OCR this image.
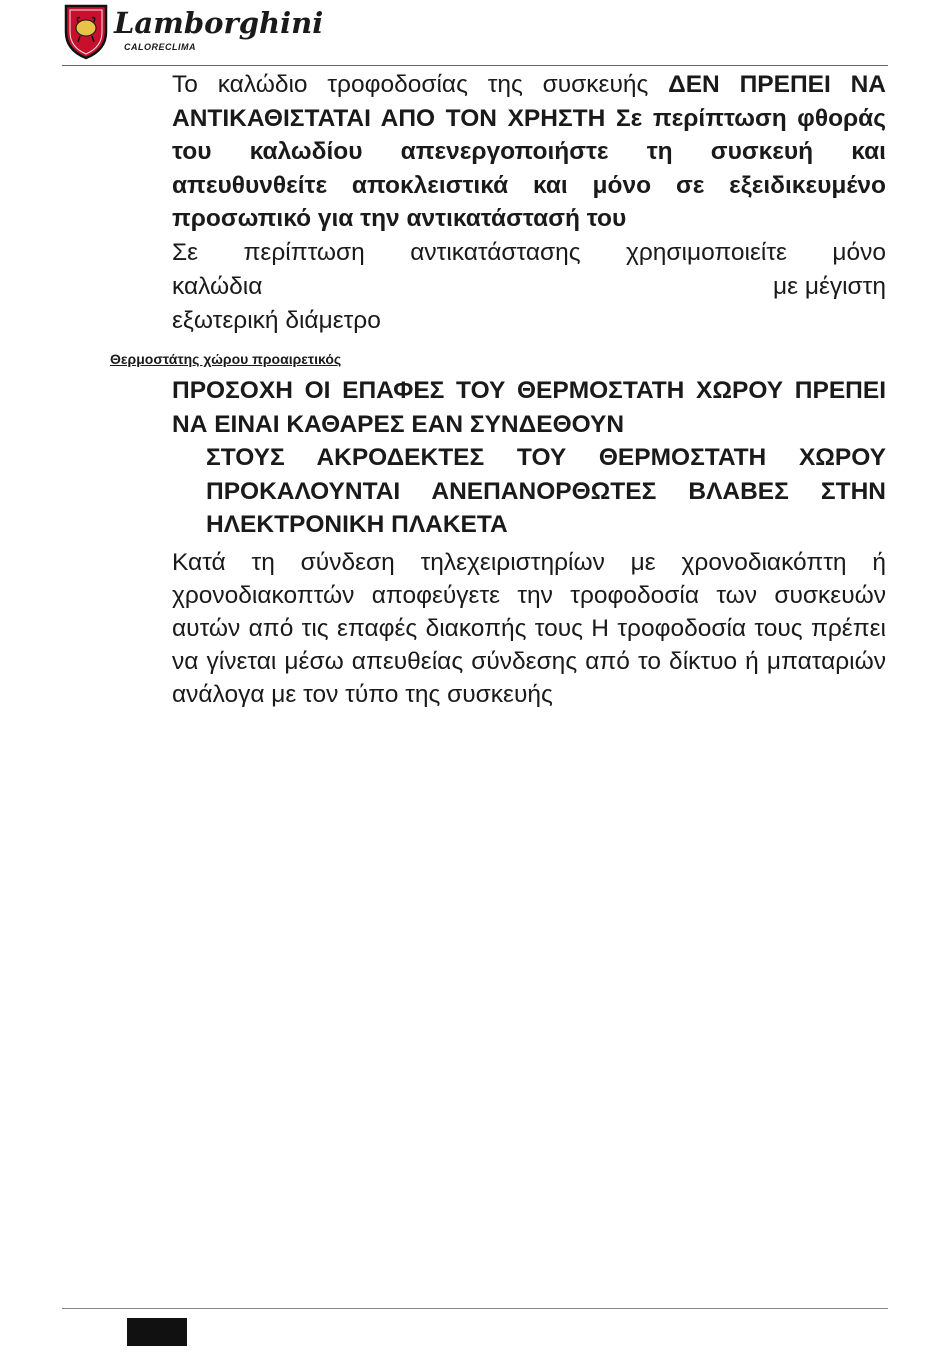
Lamborghini
CALORECLIMA
Το καλώδιο τροφοδοσίας της συσκευής ΔΕΝ ΠΡΕΠΕΙ ΝΑ ΑΝΤΙΚΑΘΙΣΤΑΤΑΙ ΑΠΟ ΤΟΝ ΧΡΗΣΤΗ Σε περίπτωση φθοράς του καλωδίου απενεργοποιήστε τη συσκευή και απευθυνθείτε αποκλειστικά και μόνο σε εξειδικευμένο προσωπικό για την αντικατάστασή του
Σε περίπτωση αντικατάστασης χρησιμοποιείτε μόνο
καλώδια	με μέγιστη
εξωτερική διάμετρο
Θερμοστάτης χώρου προαιρετικός
ΠΡΟΣΟΧΗ ΟΙ ΕΠΑΦΕΣ ΤΟΥ ΘΕΡΜΟΣΤΑΤΗ ΧΩΡΟΥ ΠΡΕΠΕΙ ΝΑ ΕΙΝΑΙ ΚΑΘΑΡΕΣ ΕΑΝ ΣΥΝΔΕΘΟΥΝ
ΣΤΟΥΣ ΑΚΡΟΔΕΚΤΕΣ ΤΟΥ ΘΕΡΜΟΣΤΑΤΗ ΧΩΡΟΥ ΠΡΟΚΑΛΟΥΝΤΑΙ ΑΝΕΠΑΝΟΡΘΩΤΕΣ ΒΛΑΒΕΣ ΣΤΗΝ ΗΛΕΚΤΡΟΝΙΚΗ ΠΛΑΚΕΤΑ
Κατά τη σύνδεση τηλεχειριστηρίων με χρονοδιακόπτη ή χρονοδιακοπτών αποφεύγετε την τροφοδοσία των συσκευών αυτών από τις επαφές διακοπής τους Η τροφοδοσία τους πρέπει να γίνεται μέσω απευθείας σύνδεσης από το δίκτυο ή μπαταριών ανάλογα με τον τύπο της συσκευής
